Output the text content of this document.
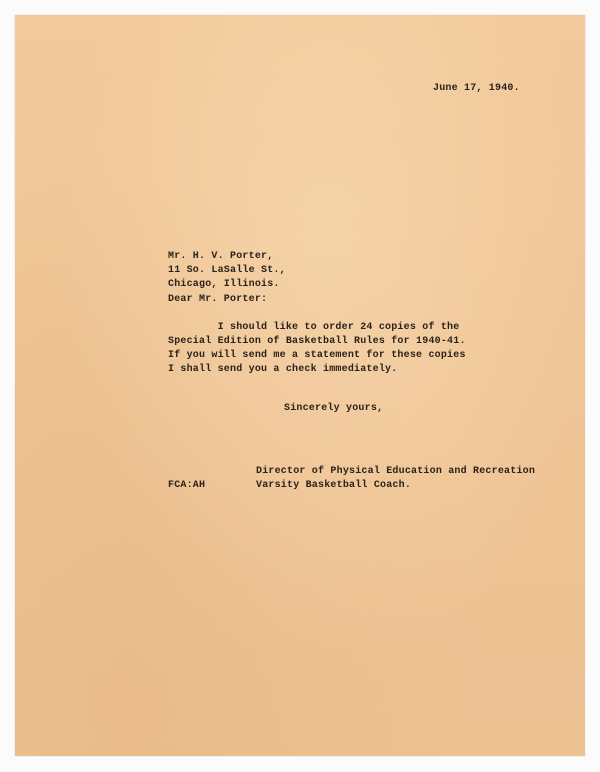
June 17, 1940.
Mr. H. V. Porter,
11 So. LaSalle St.,
Chicago, Illinois.
Dear Mr. Porter:
I should like to order 24 copies of the
Special Edition of Basketball Rules for 1940-41.
If you will send me a statement for these copies
I shall send you a check immediately.
Sincerely yours,
Director of Physical Education and Recreation
Varsity Basketball Coach.
FCA:AH
